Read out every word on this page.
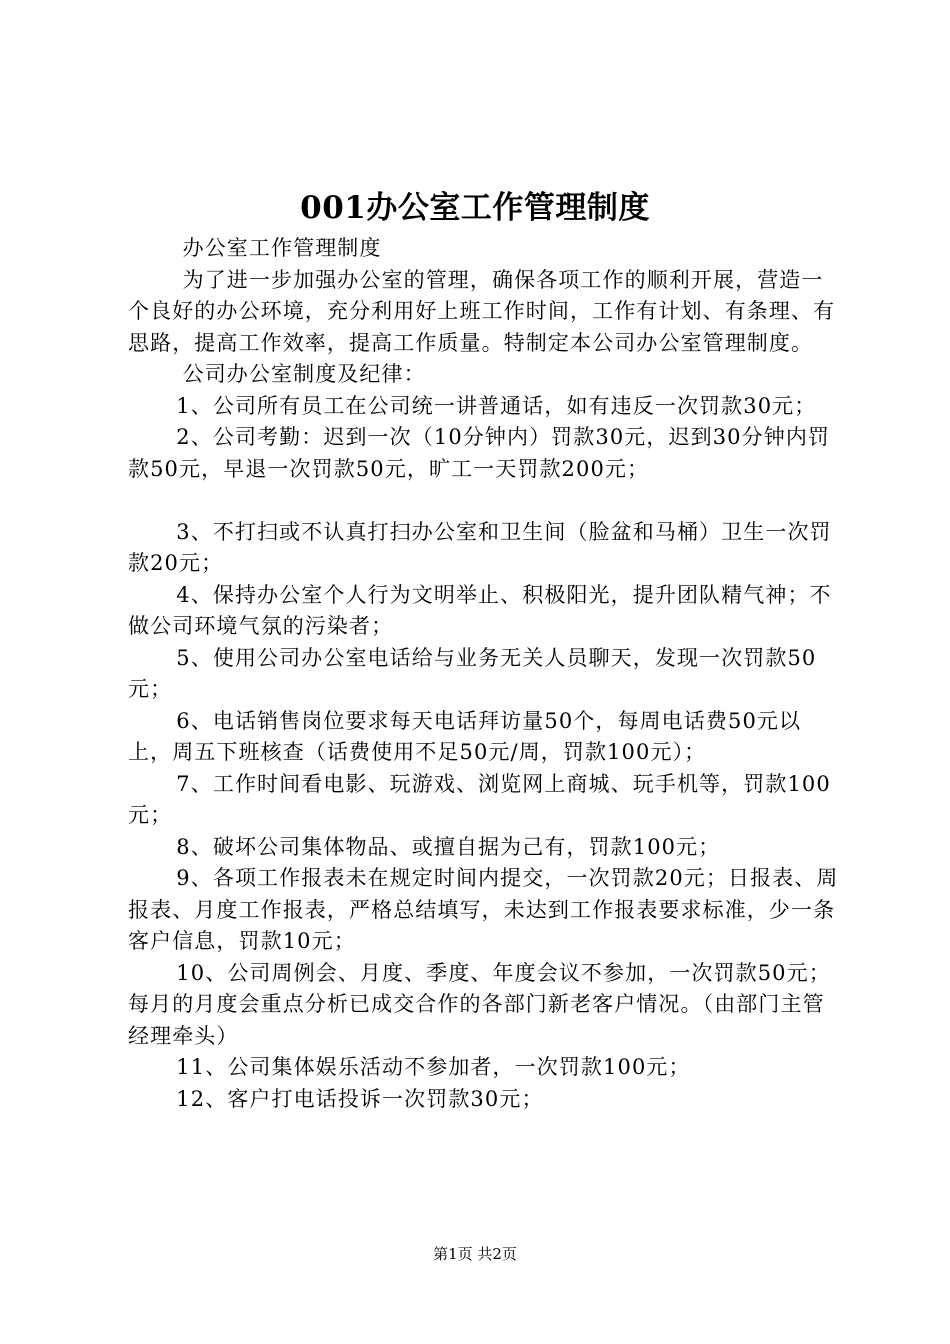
001办公室工作管理制度

办公室工作管理制度

为了进一步加强办公室的管理，确保各项工作的顺利开展，营造一个良好的办公环境，充分利用好上班工作时间，工作有计划、有条理、有思路，提高工作效率，提高工作质量。特制定本公司办公室管理制度。

公司办公室制度及纪律：

1、公司所有员工在公司统一讲普通话，如有违反一次罚款30元；

2、公司考勤：迟到一次（10分钟内）罚款30元，迟到30分钟内罚款50元，早退一次罚款50元，旷工一天罚款200元；

3、不打扫或不认真打扫办公室和卫生间（脸盆和马桶）卫生一次罚款20元；

4、保持办公室个人行为文明举止、积极阳光，提升团队精气神；不做公司环境气氛的污染者；

5、使用公司办公室电话给与业务无关人员聊天，发现一次罚款50元；

6、电话销售岗位要求每天电话拜访量50个，每周电话费50元以上，周五下班核查（话费使用不足50元/周，罚款100元）；

7、工作时间看电影、玩游戏、浏览网上商城、玩手机等，罚款100元；

8、破坏公司集体物品、或擅自据为己有，罚款100元；

9、各项工作报表未在规定时间内提交，一次罚款20元；日报表、周报表、月度工作报表，严格总结填写，未达到工作报表要求标准，少一条客户信息，罚款10元；

10、公司周例会、月度、季度、年度会议不参加，一次罚款50元；每月的月度会重点分析已成交合作的各部门新老客户情况。（由部门主管经理牵头）

11、公司集体娱乐活动不参加者，一次罚款100元；

12、客户打电话投诉一次罚款30元；

第1页 共2页
